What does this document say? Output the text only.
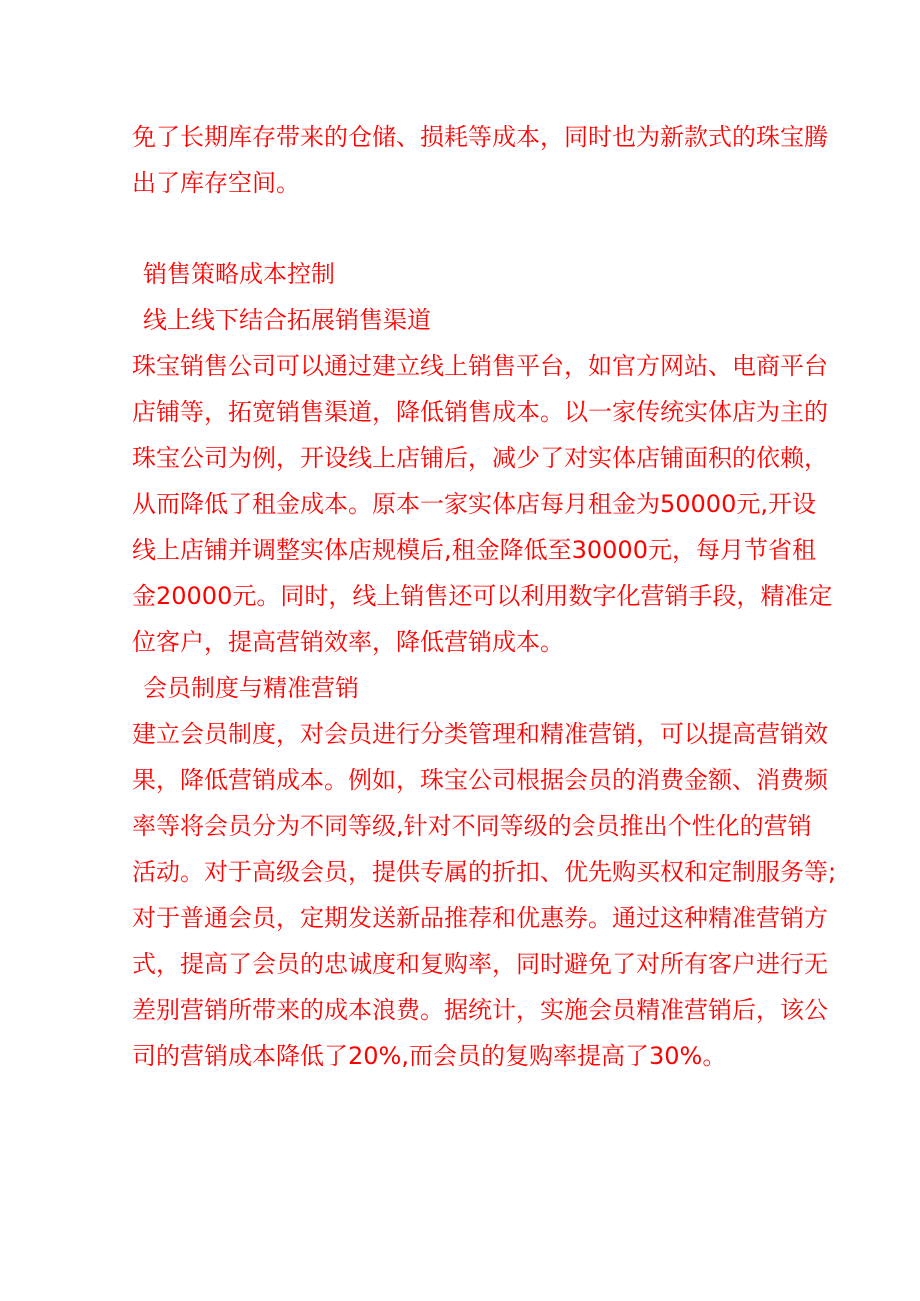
免了长期库存带来的仓储、损耗等成本，同时也为新款式的珠宝腾
出了库存空间。
销售策略成本控制
线上线下结合拓展销售渠道
珠宝销售公司可以通过建立线上销售平台，如官方网站、电商平台
店铺等，拓宽销售渠道，降低销售成本。以一家传统实体店为主的
珠宝公司为例，开设线上店铺后，减少了对实体店铺面积的依赖，
从而降低了租金成本。原本一家实体店每月租金为50000元,开设
线上店铺并调整实体店规模后,租金降低至30000元，每月节省租
金20000元。同时，线上销售还可以利用数字化营销手段，精准定
位客户，提高营销效率，降低营销成本。
会员制度与精准营销
建立会员制度，对会员进行分类管理和精准营销，可以提高营销效
果，降低营销成本。例如，珠宝公司根据会员的消费金额、消费频
率等将会员分为不同等级,针对不同等级的会员推出个性化的营销
活动。对于高级会员，提供专属的折扣、优先购买权和定制服务等;
对于普通会员，定期发送新品推荐和优惠券。通过这种精准营销方
式，提高了会员的忠诚度和复购率，同时避免了对所有客户进行无
差别营销所带来的成本浪费。据统计，实施会员精准营销后，该公
司的营销成本降低了20%,而会员的复购率提高了30%。
